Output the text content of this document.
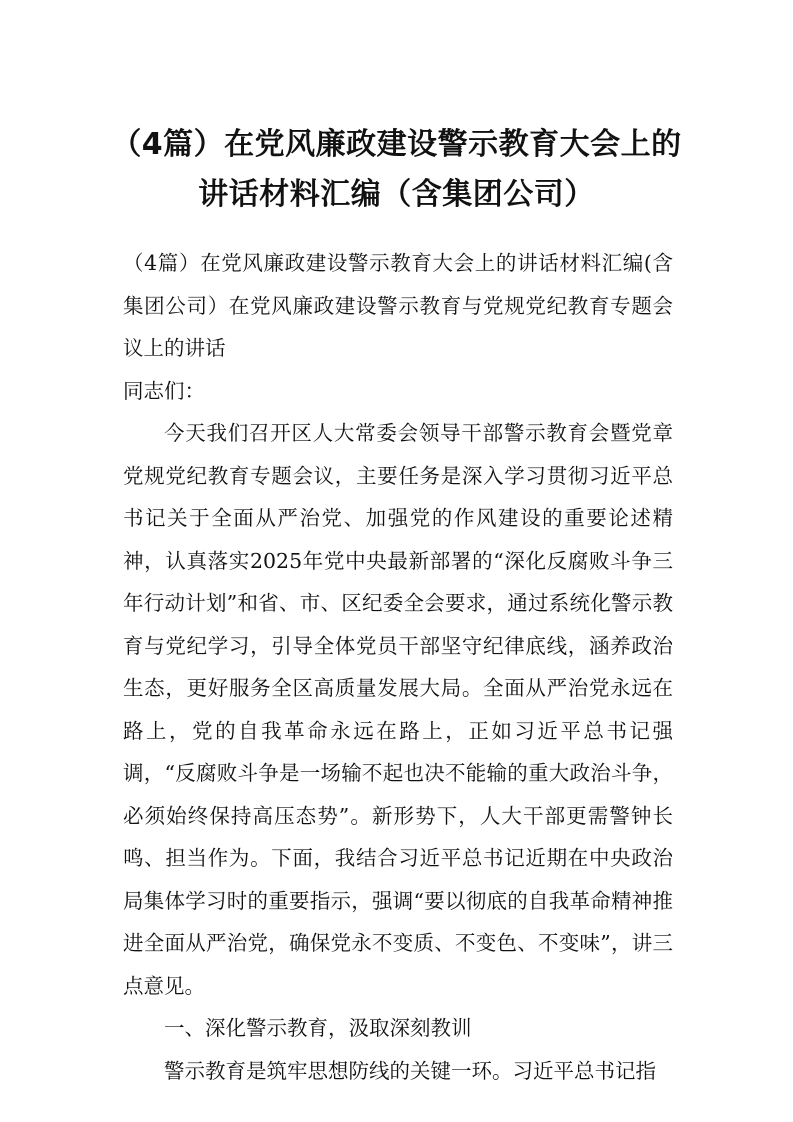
（4篇）在党风廉政建设警示教育大会上的讲话材料汇编（含集团公司）

（4篇）在党风廉政建设警示教育大会上的讲话材料汇编(含集团公司）在党风廉政建设警示教育与党规党纪教育专题会议上的讲话

同志们：

今天我们召开区人大常委会领导干部警示教育会暨党章党规党纪教育专题会议，主要任务是深入学习贯彻习近平总书记关于全面从严治党、加强党的作风建设的重要论述精神，认真落实2025年党中央最新部署的“深化反腐败斗争三年行动计划”和省、市、区纪委全会要求，通过系统化警示教育与党纪学习，引导全体党员干部坚守纪律底线，涵养政治生态，更好服务全区高质量发展大局。全面从严治党永远在路上，党的自我革命永远在路上，正如习近平总书记强调，“反腐败斗争是一场输不起也决不能输的重大政治斗争，必须始终保持高压态势”。新形势下，人大干部更需警钟长鸣、担当作为。下面，我结合习近平总书记近期在中央政治局集体学习时的重要指示，强调“要以彻底的自我革命精神推进全面从严治党，确保党永不变质、不变色、不变味”，讲三点意见。

一、深化警示教育，汲取深刻教训

警示教育是筑牢思想防线的关键一环。习近平总书记指
